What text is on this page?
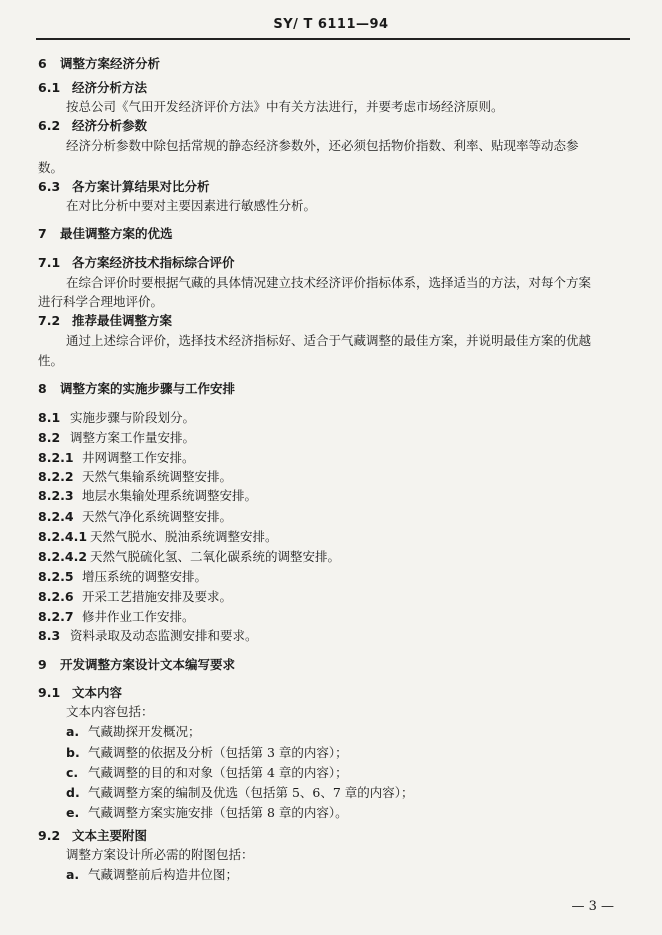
SY/ T 6111—94
6 调整方案经济分析
6.1 经济分析方法
按总公司《气田开发经济评价方法》中有关方法进行，并要考虑市场经济原则。
6.2 经济分析参数
经济分析参数中除包括常规的静态经济参数外，还必须包括物价指数、利率、贴现率等动态参
数。
6.3 各方案计算结果对比分析
在对比分析中要对主要因素进行敏感性分析。
7 最佳调整方案的优选
7.1 各方案经济技术指标综合评价
在综合评价时要根据气藏的具体情况建立技术经济评价指标体系，选择适当的方法，对每个方案
进行科学合理地评价。
7.2 推荐最佳调整方案
通过上述综合评价，选择技术经济指标好、适合于气藏调整的最佳方案，并说明最佳方案的优越
性。
8 调整方案的实施步骤与工作安排
8.1 实施步骤与阶段划分。
8.2 调整方案工作量安排。
8.2.1 井网调整工作安排。
8.2.2 天然气集输系统调整安排。
8.2.3 地层水集输处理系统调整安排。
8.2.4 天然气净化系统调整安排。
8.2.4.1 天然气脱水、脱油系统调整安排。
8.2.4.2 天然气脱硫化氢、二氧化碳系统的调整安排。
8.2.5 增压系统的调整安排。
8.2.6 开采工艺措施安排及要求。
8.2.7 修井作业工作安排。
8.3 资料录取及动态监测安排和要求。
9 开发调整方案设计文本编写要求
9.1 文本内容
文本内容包括：
a. 气藏勘探开发概况；
b. 气藏调整的依据及分析（包括第 3 章的内容）；
c. 气藏调整的目的和对象（包括第 4 章的内容）；
d. 气藏调整方案的编制及优选（包括第 5、6、7 章的内容）；
e. 气藏调整方案实施安排（包括第 8 章的内容）。
9.2 文本主要附图
调整方案设计所必需的附图包括：
a. 气藏调整前后构造井位图；
— 3 —
